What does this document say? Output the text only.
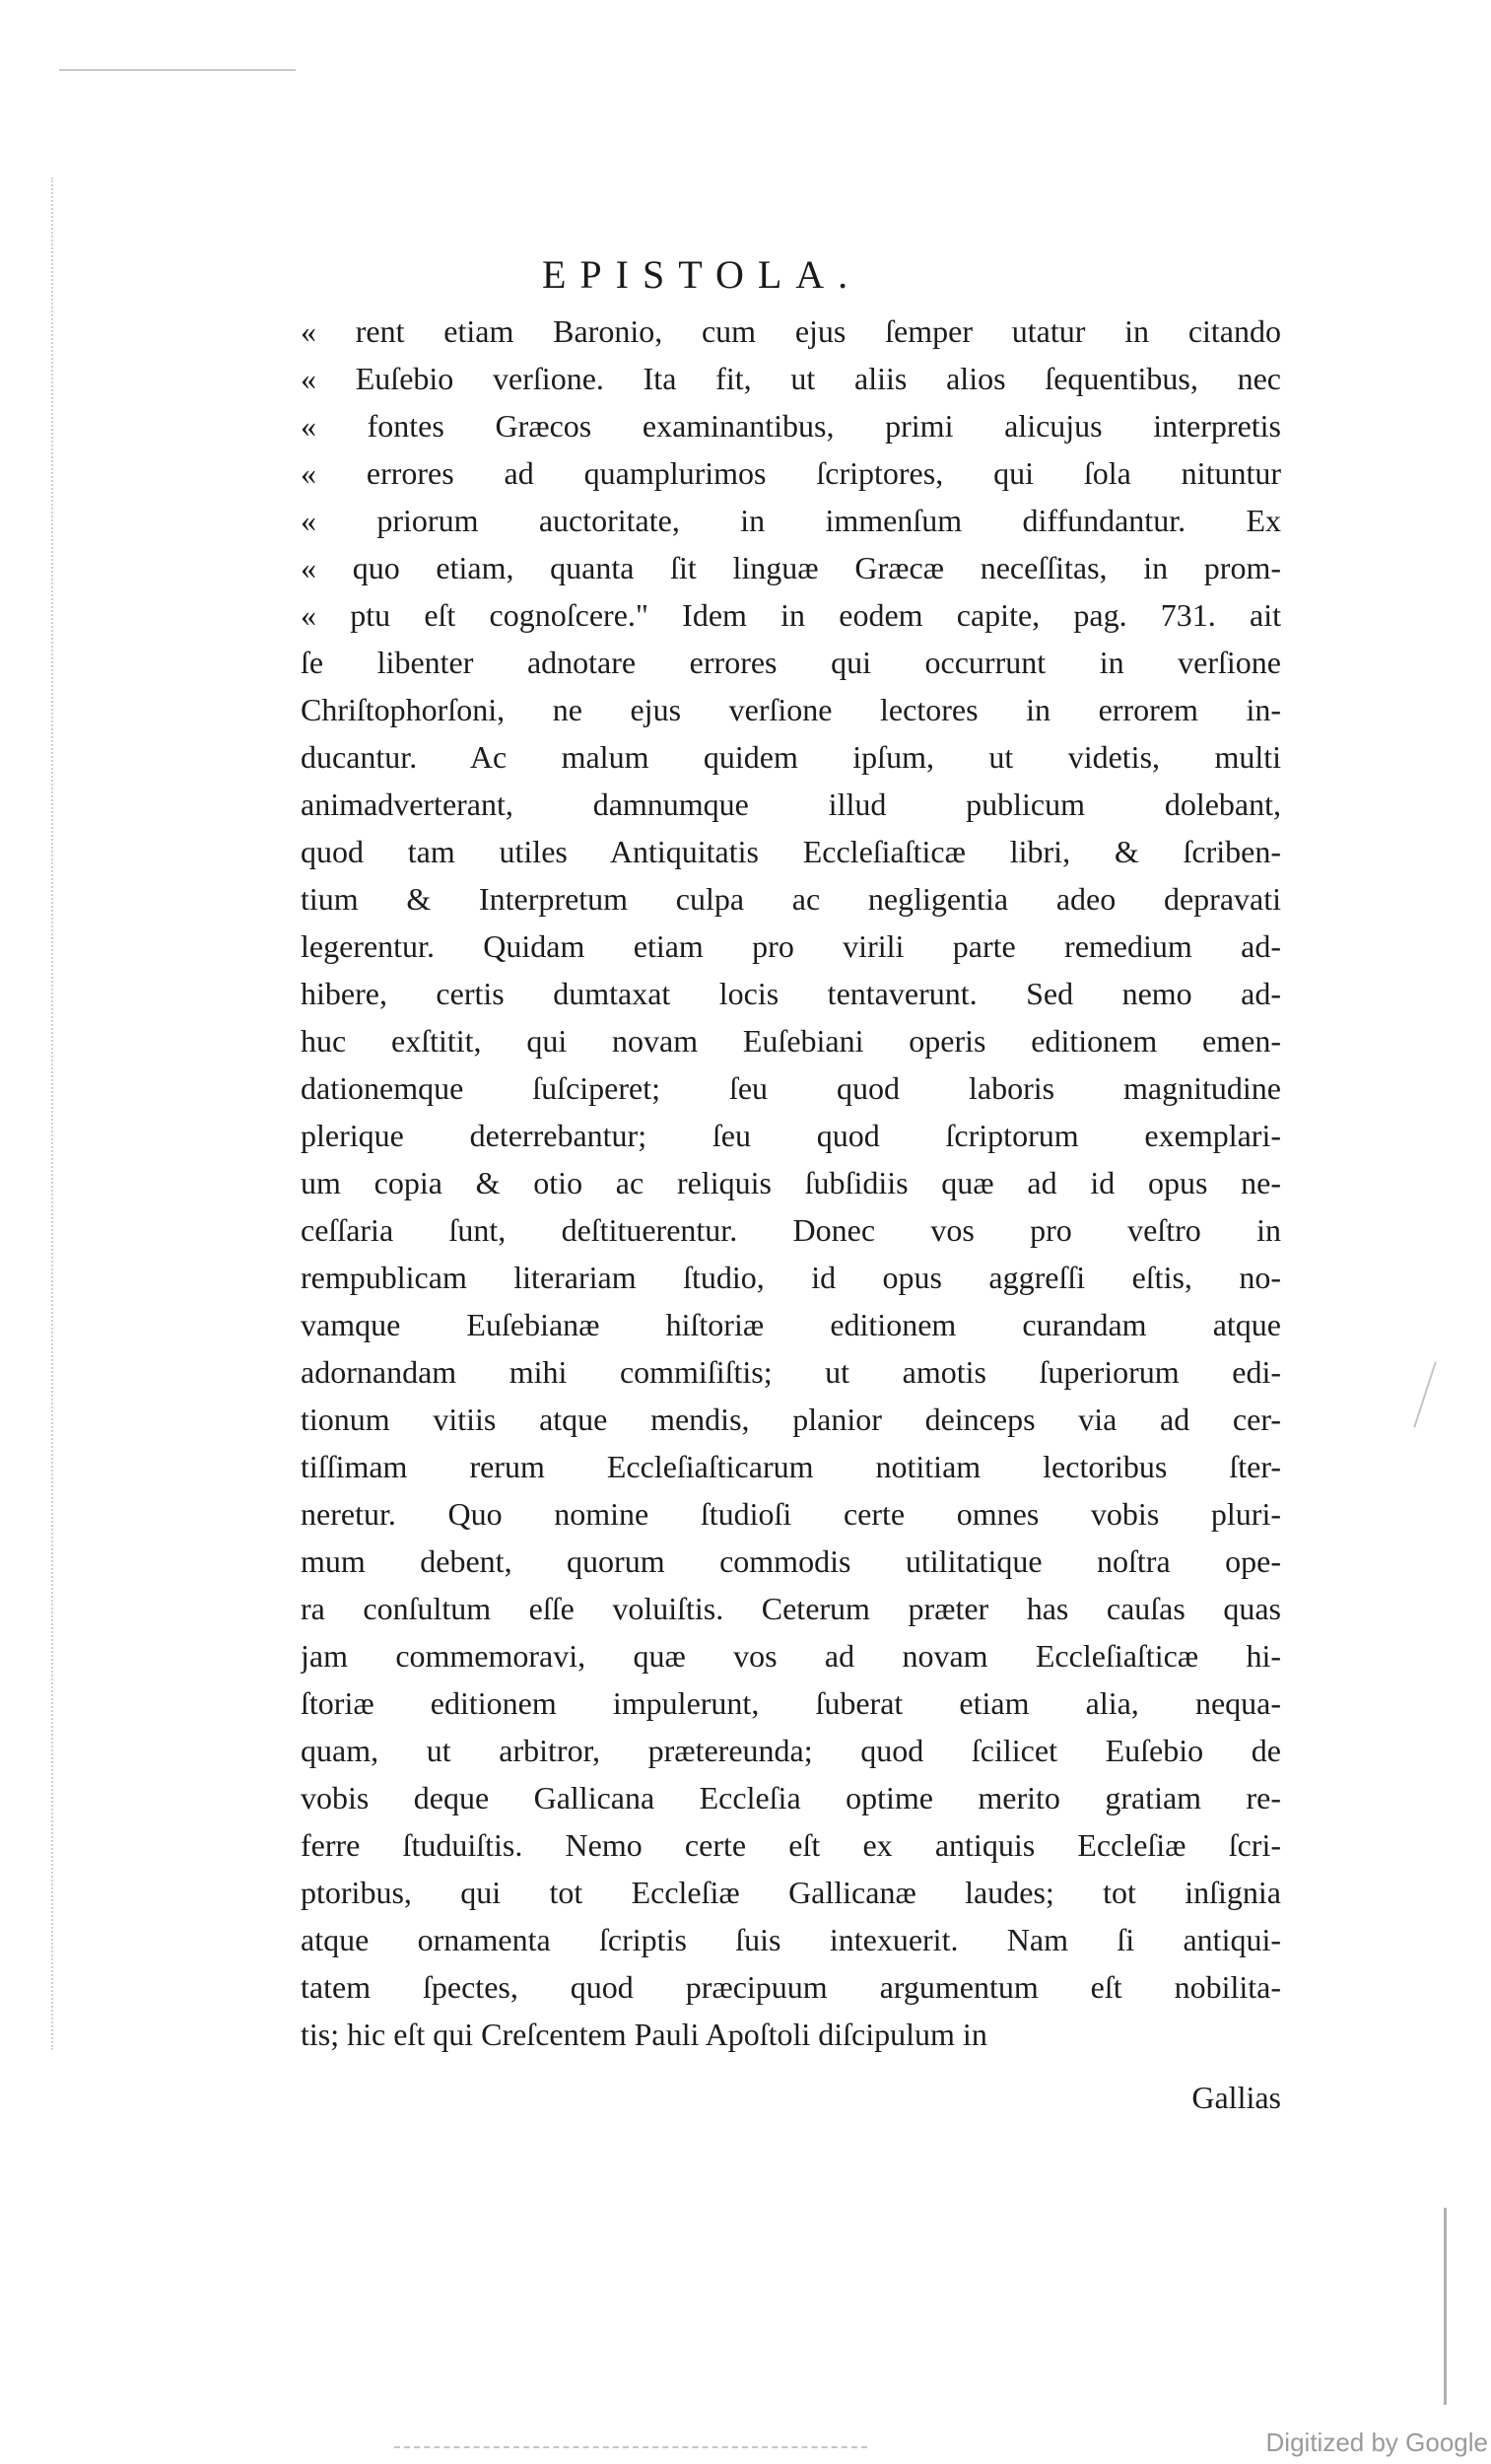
EPISTOLA.
« rent etiam Baronio, cum ejus ſemper utatur in citando
« Euſebio verſione. Ita fit, ut aliis alios ſequentibus, nec
« fontes Græcos examinantibus, primi alicujus interpretis
« errores ad quamplurimos ſcriptores, qui ſola nituntur
« priorum auctoritate, in immenſum diffundantur. Ex
« quo etiam, quanta ſit linguæ Græcæ neceſſitas, in prom-
« ptu eſt cognoſcere." Idem in eodem capite, pag. 731. ait
ſe libenter adnotare errores qui occurrunt in verſione
Chriſtophorſoni, ne ejus verſione lectores in errorem in-
ducantur. Ac malum quidem ipſum, ut videtis, multi
animadverterant, damnumque illud publicum dolebant,
quod tam utiles Antiquitatis Eccleſiaſticæ libri, & ſcriben-
tium & Interpretum culpa ac negligentia adeo depravati
legerentur. Quidam etiam pro virili parte remedium ad-
hibere, certis dumtaxat locis tentaverunt. Sed nemo ad-
huc exſtitit, qui novam Euſebiani operis editionem emen-
dationemque ſuſciperet; ſeu quod laboris magnitudine
plerique deterrebantur; ſeu quod ſcriptorum exemplari-
um copia & otio ac reliquis ſubſidiis quæ ad id opus ne-
ceſſaria ſunt, deſtituerentur. Donec vos pro veſtro in
rempublicam literariam ſtudio, id opus aggreſſi eſtis, no-
vamque Euſebianæ hiſtoriæ editionem curandam atque
adornandam mihi commiſiſtis; ut amotis ſuperiorum edi-
tionum vitiis atque mendis, planior deinceps via ad cer-
tiſſimam rerum Eccleſiaſticarum notitiam lectoribus ſter-
neretur. Quo nomine ſtudioſi certe omnes vobis pluri-
mum debent, quorum commodis utilitatique noſtra ope-
ra conſultum eſſe voluiſtis. Ceterum præter has cauſas quas
jam commemoravi, quæ vos ad novam Eccleſiaſticæ hi-
ſtoriæ editionem impulerunt, ſuberat etiam alia, nequa-
quam, ut arbitror, prætereunda; quod ſcilicet Euſebio de
vobis deque Gallicana Eccleſia optime merito gratiam re-
ferre ſtuduiſtis. Nemo certe eſt ex antiquis Eccleſiæ ſcri-
ptoribus, qui tot Eccleſiæ Gallicanæ laudes; tot inſignia
atque ornamenta ſcriptis ſuis intexuerit. Nam ſi antiqui-
tatem ſpectes, quod præcipuum argumentum eſt nobilita-
tis; hic eſt qui Creſcentem Pauli Apoſtoli diſcipulum in
Gallias
Digitized by Google
